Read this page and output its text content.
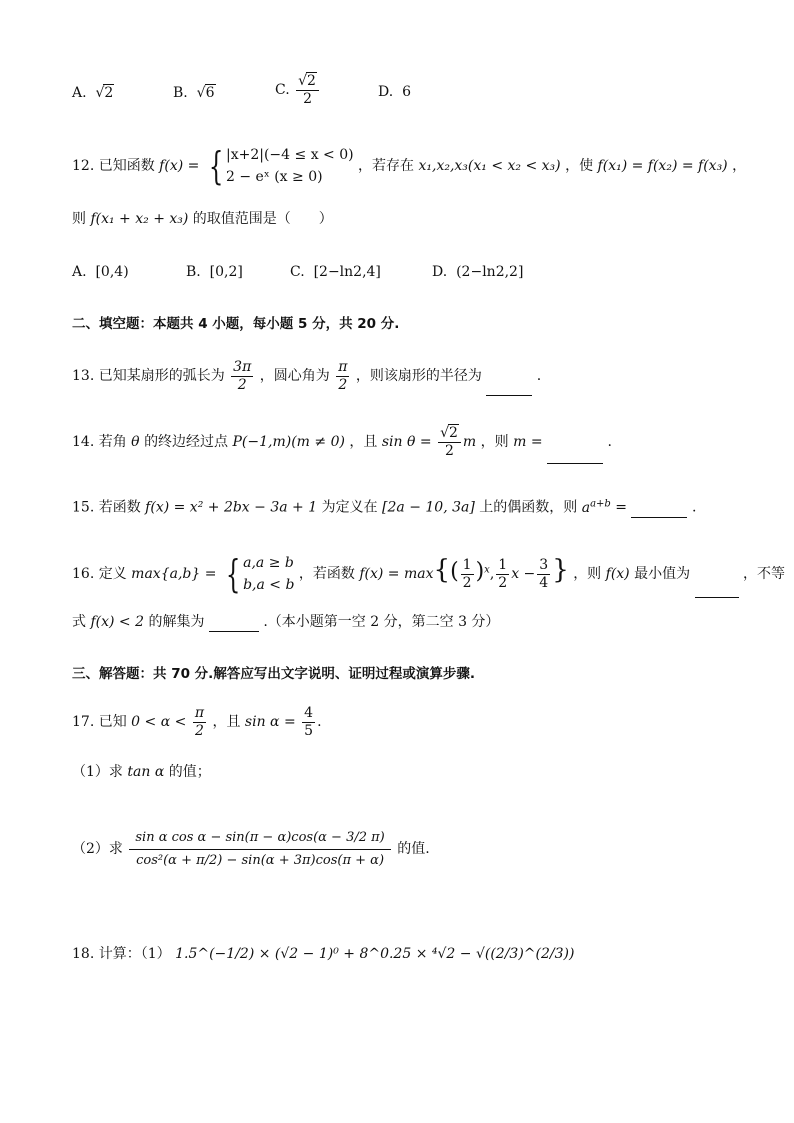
A.  √2	B.  √6	C. $\frac{√2}{2}$	D. 6
12. 已知函数 f(x) = { |x+2|(−4 ≤ x < 0)
2 − eˣ (x ≥ 0)
，若存在 x₁,x₂,x₃(x₁ < x₂ < x₃) ，使 f(x₁) = f(x₂) = f(x₃) ，
则 f(x₁ + x₂ + x₃) 的取值范围是（　　）
A. [0,4)	B. [0,2]	C. [2−ln2,4]	D. (2−ln2,2]
二、填空题：本题共 4 小题，每小题 5 分，共 20 分.
13. 已知某扇形的弧长为 $\frac{3\pi}{2}$ ，圆心角为 $\frac{\pi}{2}$ ，则该扇形的半径为	.
14. 若角 θ 的终边经过点 P(−1,m)(m ≠ 0) ，且 $\sin \theta = \frac{√2}{2}$ m ，则 m =	.
15. 若函数 f(x) = x² + 2bx − 3a + 1 为定义在 [2a − 10, 3a] 上的偶函数，则 $a^{a+b}$ =	.
16. 定义 max{a,b} = { a,a ≥ b
b,a < b
，若函数 $f(x) = \max\{( \frac{1}{2} )^x$, $\frac{1}{2}$ $x - \frac{3}{4}$ } ，则 f(x) 最小值为	，不等
式 f(x) < 2 的解集为	.（本小题第一空 2 分，第二空 3 分）
三、解答题：共 70 分.解答应写出文字说明、证明过程或演算步骤.
17. 已知 $0 < \alpha < \frac{\pi}{2}$ ，且 $\sin \alpha = \frac{4}{5}$ .
（1）求 tan α 的值；
（2）求 $\frac{\text{sin α cos α − sin(π − α)cos(α − 3/2 π)}}{\text{cos²(α + π/2) − sin(α + 3π)cos(π + α)}}$ 的值.
18. 计算：（1） 1.5^(−1/2) × (√2 − 1)⁰ + 8^0.25 × ⁴√2 − √((2/3)^(2/3))
